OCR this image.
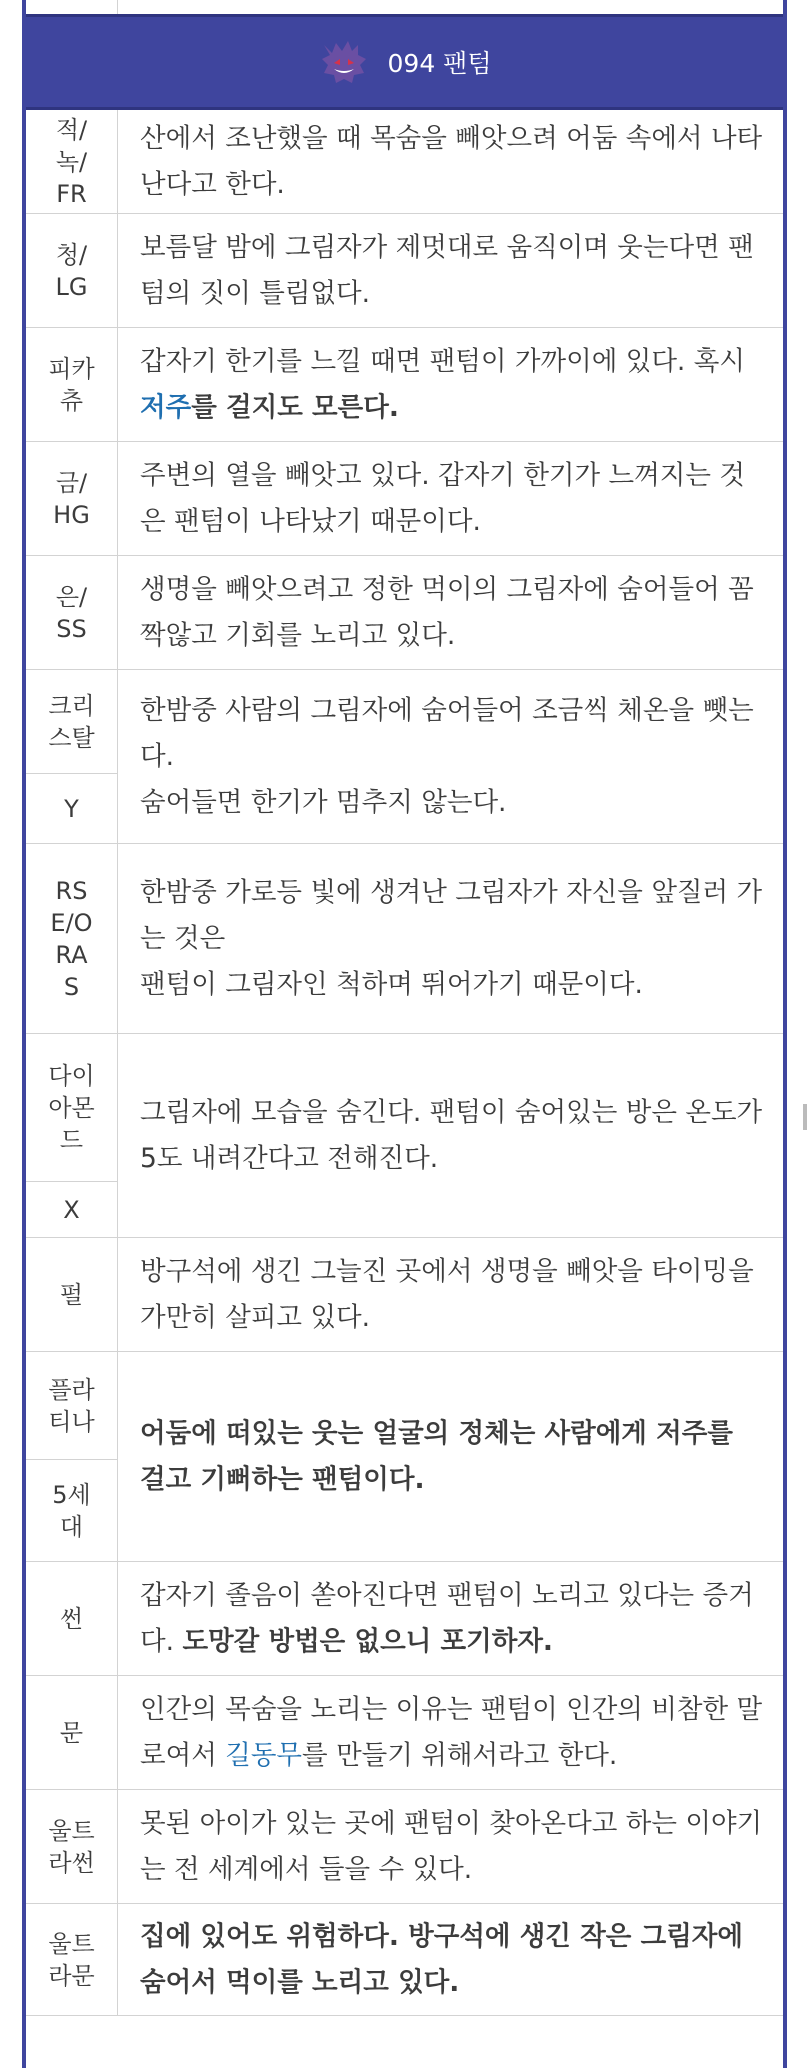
094 팬텀
적/
녹/
FR
산에서 조난했을 때 목숨을 빼앗으려 어둠 속에서 나타난다고 한다.
청/
LG
보름달 밤에 그림자가 제멋대로 움직이며 웃는다면 팬텀의 짓이 틀림없다.
피카
츄
갑자기 한기를 느낄 때면 팬텀이 가까이에 있다. 혹시 저주를 걸지도 모른다.
금/
HG
주변의 열을 빼앗고 있다. 갑자기 한기가 느껴지는 것은 팬텀이 나타났기 때문이다.
은/
SS
생명을 빼앗으려고 정한 먹이의 그림자에 숨어들어 꼼짝않고 기회를 노리고 있다.
크리
스탈
Y
한밤중 사람의 그림자에 숨어들어 조금씩 체온을 뺏는다.
숨어들면 한기가 멈추지 않는다.
RS
E/O
RA
S
한밤중 가로등 빛에 생겨난 그림자가 자신을 앞질러 가는 것은
팬텀이 그림자인 척하며 뛰어가기 때문이다.
다이
아몬
드
X
그림자에 모습을 숨긴다. 팬텀이 숨어있는 방은 온도가 5도 내려간다고 전해진다.
펄
방구석에 생긴 그늘진 곳에서 생명을 빼앗을 타이밍을 가만히 살피고 있다.
플라
티나
5세
대
어둠에 떠있는 웃는 얼굴의 정체는 사람에게 저주를 걸고 기뻐하는 팬텀이다.
썬
갑자기 졸음이 쏟아진다면 팬텀이 노리고 있다는 증거다. 도망갈 방법은 없으니 포기하자.
문
인간의 목숨을 노리는 이유는 팬텀이 인간의 비참한 말로여서 길동무를 만들기 위해서라고 한다.
울트
라썬
못된 아이가 있는 곳에 팬텀이 찾아온다고 하는 이야기는 전 세계에서 들을 수 있다.
울트
라문
집에 있어도 위험하다. 방구석에 생긴 작은 그림자에 숨어서 먹이를 노리고 있다.
